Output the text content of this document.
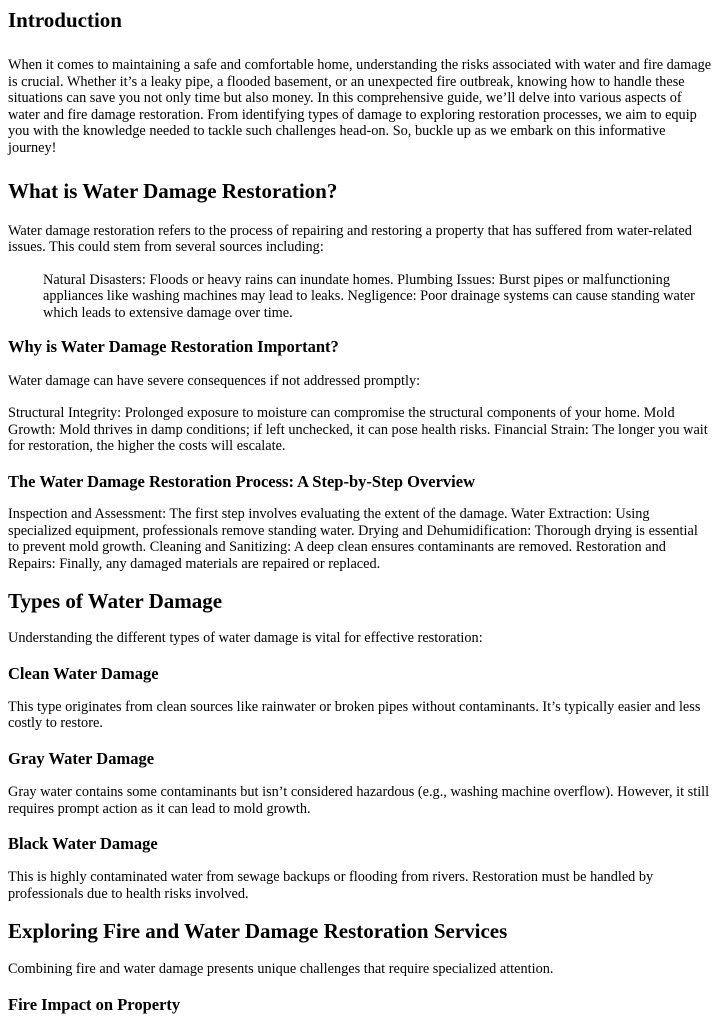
Introduction

When it comes to maintaining a safe and comfortable home, understanding the risks associated with water and fire damage is crucial. Whether it’s a leaky pipe, a flooded basement, or an unexpected fire outbreak, knowing how to handle these situations can save you not only time but also money. In this comprehensive guide, we’ll delve into various aspects of water and fire damage restoration. From identifying types of damage to exploring restoration processes, we aim to equip you with the knowledge needed to tackle such challenges head-on. So, buckle up as we embark on this informative journey!

What is Water Damage Restoration?

Water damage restoration refers to the process of repairing and restoring a property that has suffered from water-related issues. This could stem from several sources including:

Natural Disasters: Floods or heavy rains can inundate homes. Plumbing Issues: Burst pipes or malfunctioning appliances like washing machines may lead to leaks. Negligence: Poor drainage systems can cause standing water which leads to extensive damage over time.
Why is Water Damage Restoration Important?

Water damage can have severe consequences if not addressed promptly:

Structural Integrity: Prolonged exposure to moisture can compromise the structural components of your home. Mold Growth: Mold thrives in damp conditions; if left unchecked, it can pose health risks. Financial Strain: The longer you wait for restoration, the higher the costs will escalate.

The Water Damage Restoration Process: A Step-by-Step Overview

Inspection and Assessment: The first step involves evaluating the extent of the damage. Water Extraction: Using specialized equipment, professionals remove standing water. Drying and Dehumidification: Thorough drying is essential to prevent mold growth. Cleaning and Sanitizing: A deep clean ensures contaminants are removed. Restoration and Repairs: Finally, any damaged materials are repaired or replaced.

Types of Water Damage

Understanding the different types of water damage is vital for effective restoration:

Clean Water Damage

This type originates from clean sources like rainwater or broken pipes without contaminants. It’s typically easier and less costly to restore.

Gray Water Damage

Gray water contains some contaminants but isn’t considered hazardous (e.g., washing machine overflow). However, it still requires prompt action as it can lead to mold growth.

Black Water Damage

This is highly contaminated water from sewage backups or flooding from rivers. Restoration must be handled by professionals due to health risks involved.

Exploring Fire and Water Damage Restoration Services

Combining fire and water damage presents unique challenges that require specialized attention.

Fire Impact on Property
